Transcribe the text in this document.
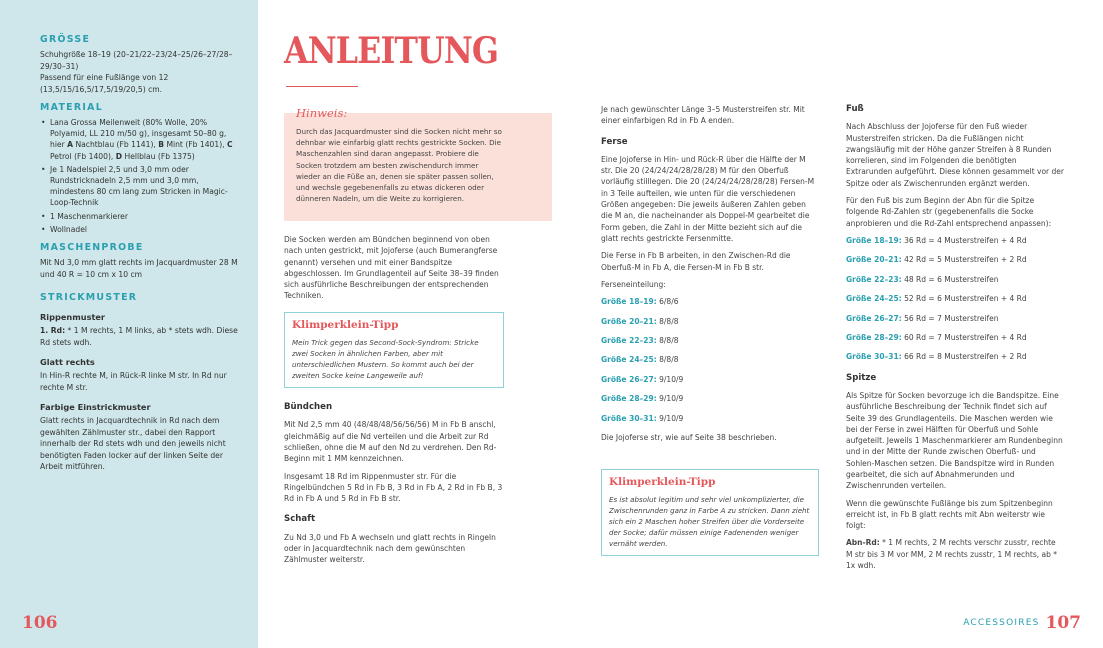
GRÖSSE
Schuhgröße 18–19 (20–21/22–23/24–25/26–27/28–29/30–31)
Passend für eine Fußlänge von 12 (13,5/15/16,5/17,5/19/20,5) cm.
MATERIAL
• Lana Grossa Meilenweit (80% Wolle, 20% Polyamid, LL 210 m/50 g), insgesamt 50–80 g, hier A Nachtblau (Fb 1141), B Mint (Fb 1401), C Petrol (Fb 1400), D Hellblau (Fb 1375)
• Je 1 Nadelspiel 2,5 und 3,0 mm oder Rundstricknadeln 2,5 mm und 3,0 mm, mindestens 80 cm lang zum Stricken in Magic-Loop-Technik
• 1 Maschenmarkierer
• Wollnadel
MASCHENPROBE
Mit Nd 3,0 mm glatt rechts im Jacquardmuster 28 M und 40 R = 10 cm x 10 cm
STRICKMUSTER
Rippenmuster
1. Rd: * 1 M rechts, 1 M links, ab * stets wdh. Diese Rd stets wdh.
Glatt rechts
In Hin-R rechte M, in Rück-R linke M str. In Rd nur rechte M str.
Farbige Einstrickmuster
Glatt rechts in Jacquardtechnik in Rd nach dem gewählten Zählmuster str., dabei den Rapport innerhalb der Rd stets wdh und den jeweils nicht benötigten Faden locker auf der linken Seite der Arbeit mitführen.
106
ANLEITUNG
Hinweis:
Durch das Jacquardmuster sind die Socken nicht mehr so dehnbar wie einfarbig glatt rechts gestrickte Socken. Die Maschenzahlen sind daran angepasst. Probiere die Socken trotzdem am besten zwischendurch immer wieder an die Füße an, denen sie später passen sollen, und wechsle gegebenenfalls zu etwas dickeren oder dünneren Nadeln, um die Weite zu korrigieren.

Die Socken werden am Bündchen beginnend von oben nach unten gestrickt, mit Jojoferse (auch Bumerangferse genannt) versehen und mit einer Bandspitze abgeschlossen. Im Grundlagenteil auf Seite 38–39 finden sich ausführliche Beschreibungen der entsprechenden Techniken.

Klimperklein-Tipp
Mein Trick gegen das Second-Sock-Syndrom: Stricke zwei Socken in ähnlichen Farben, aber mit unterschiedlichen Mustern. So kommt auch bei der zweiten Socke keine Langeweile auf!
Bündchen

Mit Nd 2,5 mm 40 (48/48/48/56/56/56) M in Fb B anschl, gleichmäßig auf die Nd verteilen und die Arbeit zur Rd schließen, ohne die M auf den Nd zu verdrehen. Den Rd-Beginn mit 1 MM kennzeichnen.

Insgesamt 18 Rd im Rippenmuster str. Für die Ringelbündchen 5 Rd in Fb B, 3 Rd in Fb A, 2 Rd in Fb B, 3 Rd in Fb A und 5 Rd in Fb B str.

Schaft

Zu Nd 3,0 und Fb A wechseln und glatt rechts in Ringeln oder in Jacquardtechnik nach dem gewünschten Zählmuster weiterstr.

Je nach gewünschter Länge 3–5 Musterstreifen str. Mit einer einfarbigen Rd in Fb A enden.

Ferse

Eine Jojoferse in Hin- und Rück-R über die Hälfte der M str. Die 20 (24/24/24/28/28/28) M für den Oberfuß vorläufig stilllegen. Die 20 (24/24/24/28/28/28) Fersen-M in 3 Teile aufteilen, wie unten für die verschiedenen Größen angegeben: Die jeweils äußeren Zahlen geben die M an, die nacheinander als Doppel-M gearbeitet die Form geben, die Zahl in der Mitte bezieht sich auf die glatt rechts gestrickte Fersenmitte.

Die Ferse in Fb B arbeiten, in den Zwischen-Rd die Oberfuß-M in Fb A, die Fersen-M in Fb B str.

Ferseneinteilung:

Größe 18–19: 6/8/6
Größe 20–21: 8/8/8
Größe 22–23: 8/8/8
Größe 24–25: 8/8/8
Größe 26–27: 9/10/9
Größe 28–29: 9/10/9
Größe 30–31: 9/10/9

Die Jojoferse str, wie auf Seite 38 beschrieben.

Klimperklein-Tipp
Es ist absolut legitim und sehr viel unkomplizierter, die Zwischenrunden ganz in Farbe A zu stricken. Dann zieht sich ein 2 Maschen hoher Streifen über die Vorderseite der Socke; dafür müssen einige Fadenenden weniger vernäht werden.
Fuß

Nach Abschluss der Jojoferse für den Fuß wieder Musterstreifen stricken. Da die Fußlängen nicht zwangsläufig mit der Höhe ganzer Streifen à 8 Runden korrelieren, sind im Folgenden die benötigten Extrarunden aufgeführt. Diese können gesammelt vor der Spitze oder als Zwischenrunden ergänzt werden.

Für den Fuß bis zum Beginn der Abn für die Spitze folgende Rd-Zahlen str (gegebenenfalls die Socke anprobieren und die Rd-Zahl entsprechend anpassen):

Größe 18–19: 36 Rd = 4 Musterstreifen + 4 Rd
Größe 20–21: 42 Rd = 5 Musterstreifen + 2 Rd
Größe 22–23: 48 Rd = 6 Musterstreifen
Größe 24–25: 52 Rd = 6 Musterstreifen + 4 Rd
Größe 26–27: 56 Rd = 7 Musterstreifen
Größe 28–29: 60 Rd = 7 Musterstreifen + 4 Rd
Größe 30–31: 66 Rd = 8 Musterstreifen + 2 Rd
Spitze

Als Spitze für Socken bevorzuge ich die Bandspitze. Eine ausführliche Beschreibung der Technik findet sich auf Seite 39 des Grundlagenteils. Die Maschen werden wie bei der Ferse in zwei Hälften für Oberfuß und Sohle aufgeteilt. Jeweils 1 Maschenmarkierer am Rundenbeginn und in der Mitte der Runde zwischen Oberfuß- und Sohlen-Maschen setzen. Die Bandspitze wird in Runden gearbeitet, die sich auf Abnahmerunden und Zwischenrunden verteilen.

Wenn die gewünschte Fußlänge bis zum Spitzenbeginn erreicht ist, in Fb B glatt rechts mit Abn weiterstr wie folgt:

Abn-Rd: * 1 M rechts, 2 M rechts verschr zusstr, rechte M str bis 3 M vor MM, 2 M rechts zusstr, 1 M rechts, ab * 1x wdh.

ACCESSOIRES 107
